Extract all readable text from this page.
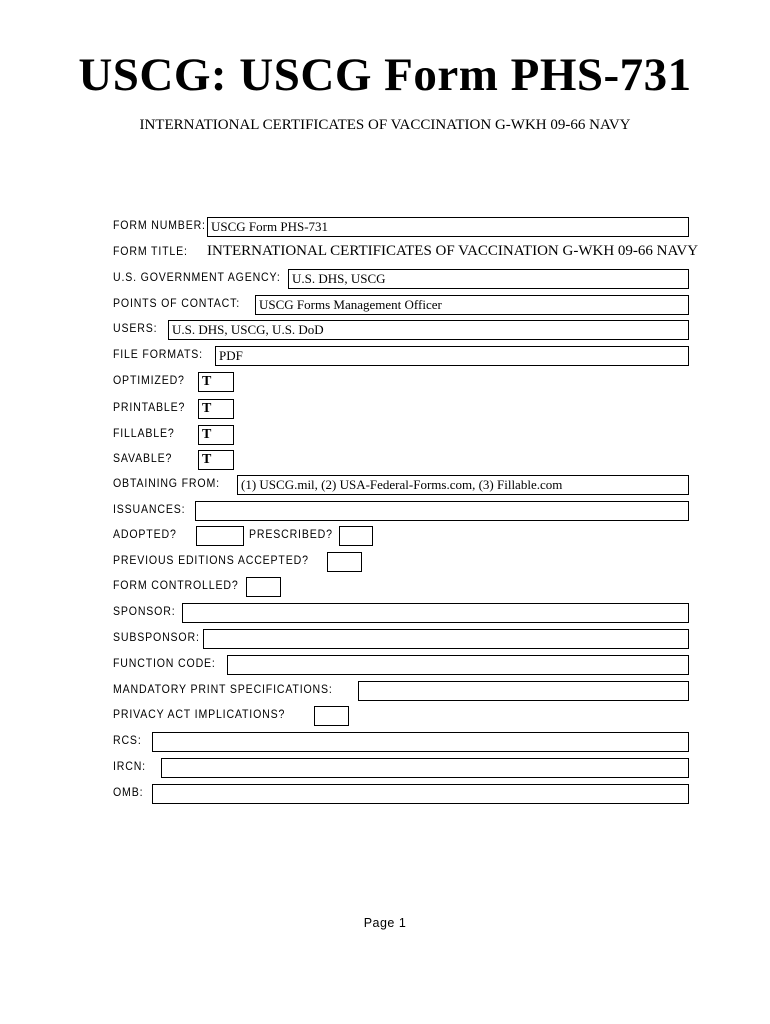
USCG: USCG Form PHS-731

INTERNATIONAL CERTIFICATES OF VACCINATION G-WKH 09-66 NAVY

FORM NUMBER: USCG Form PHS-731
FORM TITLE: INTERNATIONAL CERTIFICATES OF VACCINATION G-WKH 09-66 NAVY
U.S. GOVERNMENT AGENCY: U.S. DHS, USCG
POINTS OF CONTACT:	USCG Forms Management Officer
USERS:	U.S. DHS, USCG, U.S. DoD
FILE FORMATS:	PDF
OPTIMIZED? T
PRINTABLE? T
FILLABLE? T
SAVABLE? T
OBTAINING FROM:	(1) USCG.mil, (2) USA-Federal-Forms.com, (3) Fillable.com
ISSUANCES:
ADOPTED?	PRESCRIBED?
PREVIOUS EDITIONS ACCEPTED?
FORM CONTROLLED?
SPONSOR:
SUBSPONSOR:
FUNCTION CODE:
MANDATORY PRINT SPECIFICATIONS:
PRIVACY ACT IMPLICATIONS?
RCS:
IRCN:
OMB:
Page 1
